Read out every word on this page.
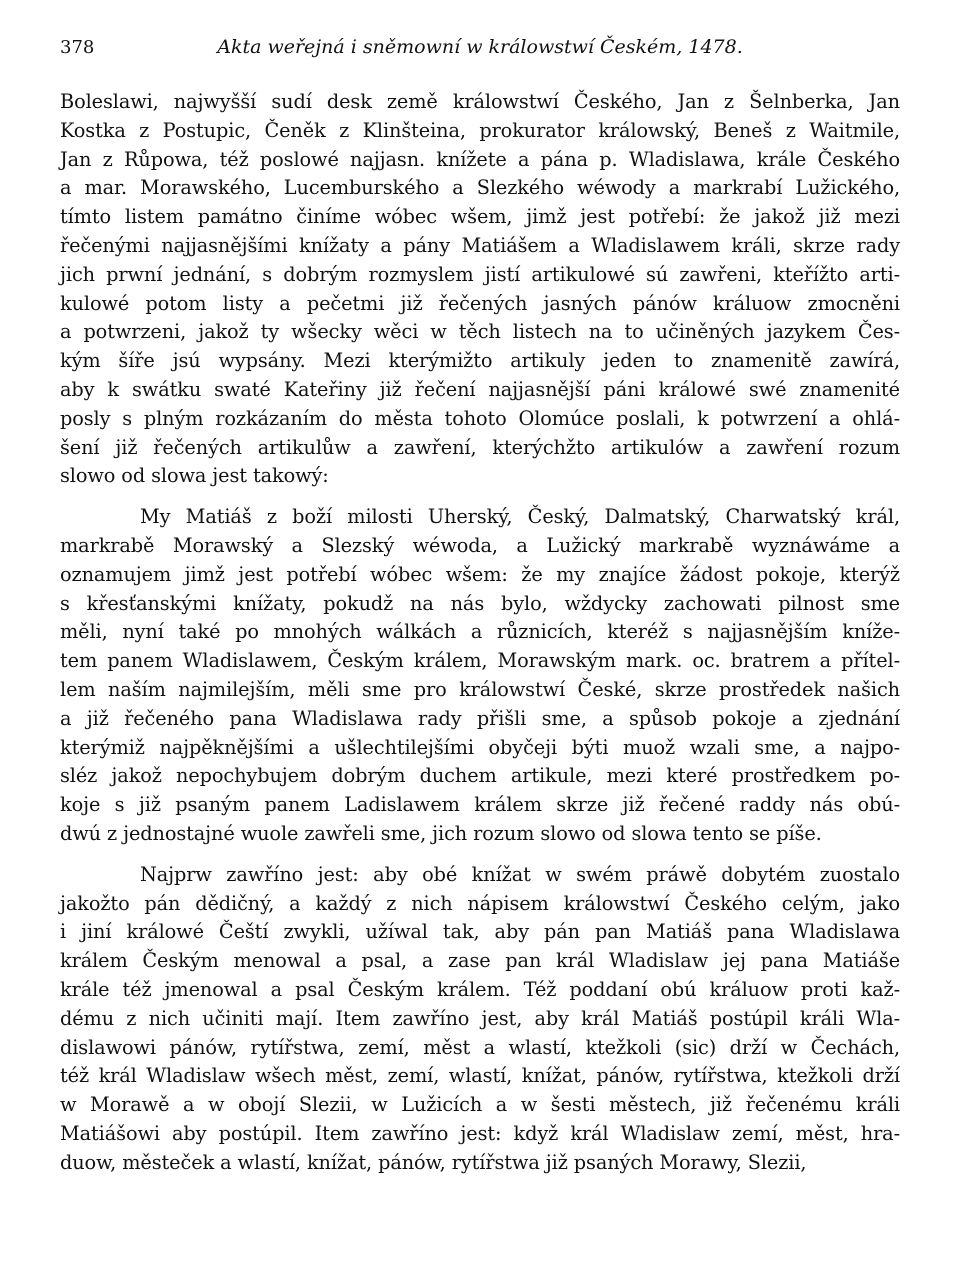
378	Akta weřejná i sněmowní w králowstwí Českém, 1478.
Boleslawi, najwyšší sudí desk země králowstwí Českého, Jan z Šelnberka, Jan
Kostka z Postupic, Čeněk z Klinšteina, prokurator králowský, Beneš z Waitmile,
Jan z Růpowa, též poslowé najjasn. knížete a pána p. Wladislawa, krále Českého
a mar. Morawského, Lucemburského a Slezkého wéwody a markrabí Lužického,
tímto listem památno činíme wóbec wšem, jimž jest potřebí: že jakož již mezi
řečenými najjasnějšími knížaty a pány Matiášem a Wladislawem králi, skrze rady
jich prwní jednání, s dobrým rozmyslem jistí artikulowé sú zawřeni, kteřížto arti-
kulowé potom listy a pečetmi již řečených jasných pánów králuow zmocněni
a potwrzeni, jakož ty wšecky wěci w těch listech na to učiněných jazykem Čes-
kým šíře jsú wypsány. Mezi kterýmižto artikuly jeden to znamenitě zawírá,
aby k swátku swaté Kateřiny již řečení najjasnější páni králowé swé znamenité
posly s plným rozkázaním do města tohoto Olomúce poslali, k potwrzení a ohlá-
šení již řečených artikulůw a zawření, kterýchžto artikulów a zawření rozum
slowo od slowa jest takowý:
My Matiáš z boží milosti Uherský, Český, Dalmatský, Charwatský král,
markrabě Morawský a Slezský wéwoda, a Lužický markrabě wyznáwáme a
oznamujem jimž jest potřebí wóbec wšem: že my znajíce žádost pokoje, kterýž
s křesťanskými knížaty, pokudž na nás bylo, wždycky zachowati pilnost sme
měli, nyní také po mnohých wálkách a různicích, kteréž s najjasnějším kníže-
tem panem Wladislawem, Českým králem, Morawským mark. oc. bratrem a přítel-
lem naším najmilejším, měli sme pro králowstwí České, skrze prostředek našich
a již řečeného pana Wladislawa rady přišli sme, a spůsob pokoje a zjednání
kterýmiž najpěknějšími a ušlechtilejšími obyčeji býti muož wzali sme, a najpo-
sléz jakož nepochybujem dobrým duchem artikule, mezi které prostředkem po-
koje s již psaným panem Ladislawem králem skrze již řečené raddy nás obú-
dwú z jednostajné wuole zawřeli sme, jich rozum slowo od slowa tento se píše.
Najprw zawříno jest: aby obé knížat w swém práwě dobytém zuostalo
jakožto pán dědičný, a každý z nich nápisem králowstwí Českého celým, jako
i jiní králowé Čeští zwykli, užíwal tak, aby pán pan Matiáš pana Wladislawa
králem Českým menowal a psal, a zase pan král Wladislaw jej pana Matiáše
krále též jmenowal a psal Českým králem. Též poddaní obú králuow proti kaž-
dému z nich učiniti mají. Item zawříno jest, aby král Matiáš postúpil králi Wla-
dislawowi pánów, rytířstwa, zemí, měst a wlastí, ktežkoli (sic) drží w Čechách,
též král Wladislaw wšech měst, zemí, wlastí, knížat, pánów, rytířstwa, ktežkoli drží
w Morawě a w obojí Slezii, w Lužicích a w šesti městech, již řečenému králi
Matiášowi aby postúpil. Item zawříno jest: když král Wladislaw zemí, měst, hra-
duow, městeček a wlastí, knížat, pánów, rytířstwa již psaných Morawy, Slezii,
